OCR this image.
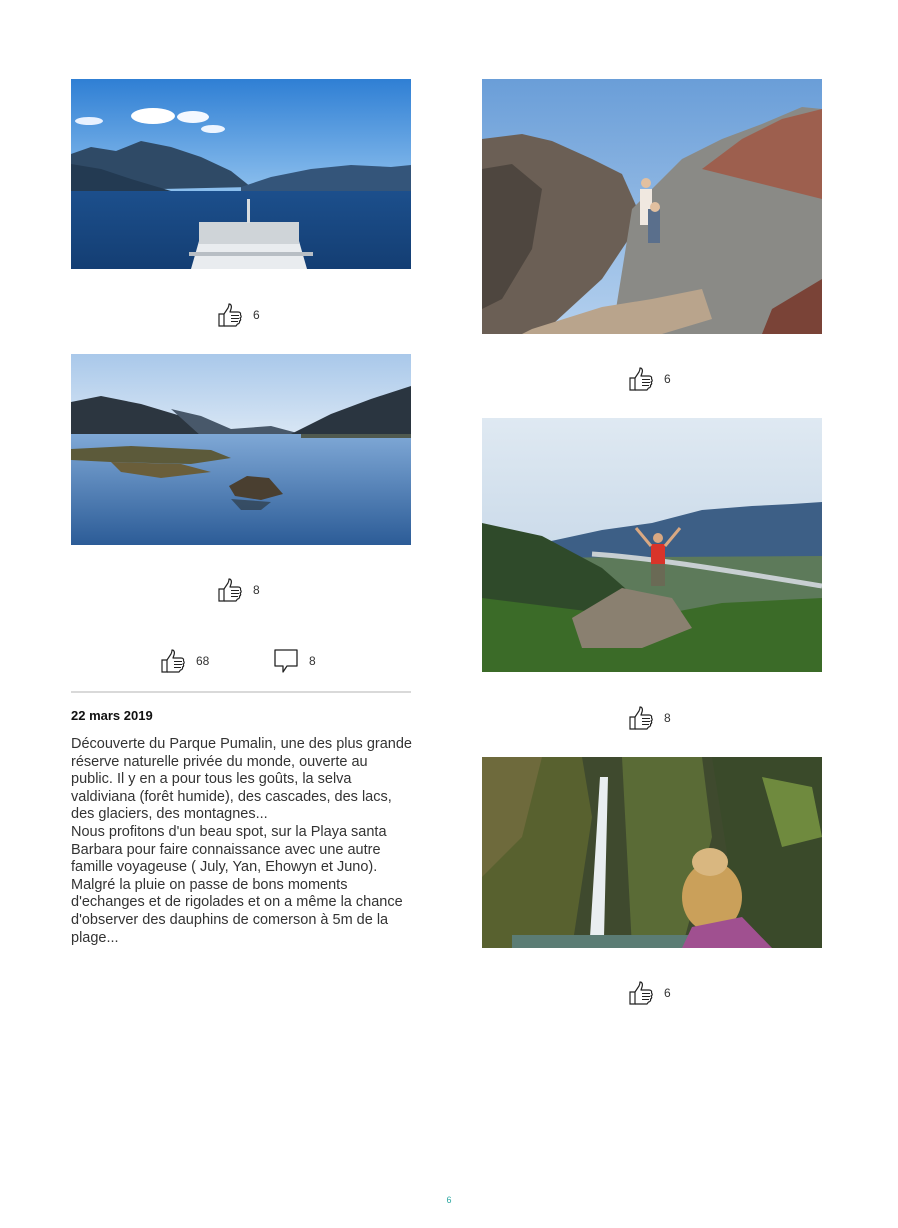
6
8
68	8
22 mars 2019

Découverte du Parque Pumalin, une des plus grande réserve naturelle privée du monde, ouverte au public. Il y en a pour tous les goûts, la selva valdiviana (forêt humide), des cascades, des lacs, des glaciers, des montagnes...

Nous profitons d'un beau spot, sur la Playa santa Barbara pour faire connaissance avec une autre famille voyageuse ( July, Yan, Ehowyn et Juno). Malgré la pluie on passe de bons moments d'echanges et de rigolades et on a même la chance d'observer des dauphins de comerson à 5m de la plage...

6
8
6
6
